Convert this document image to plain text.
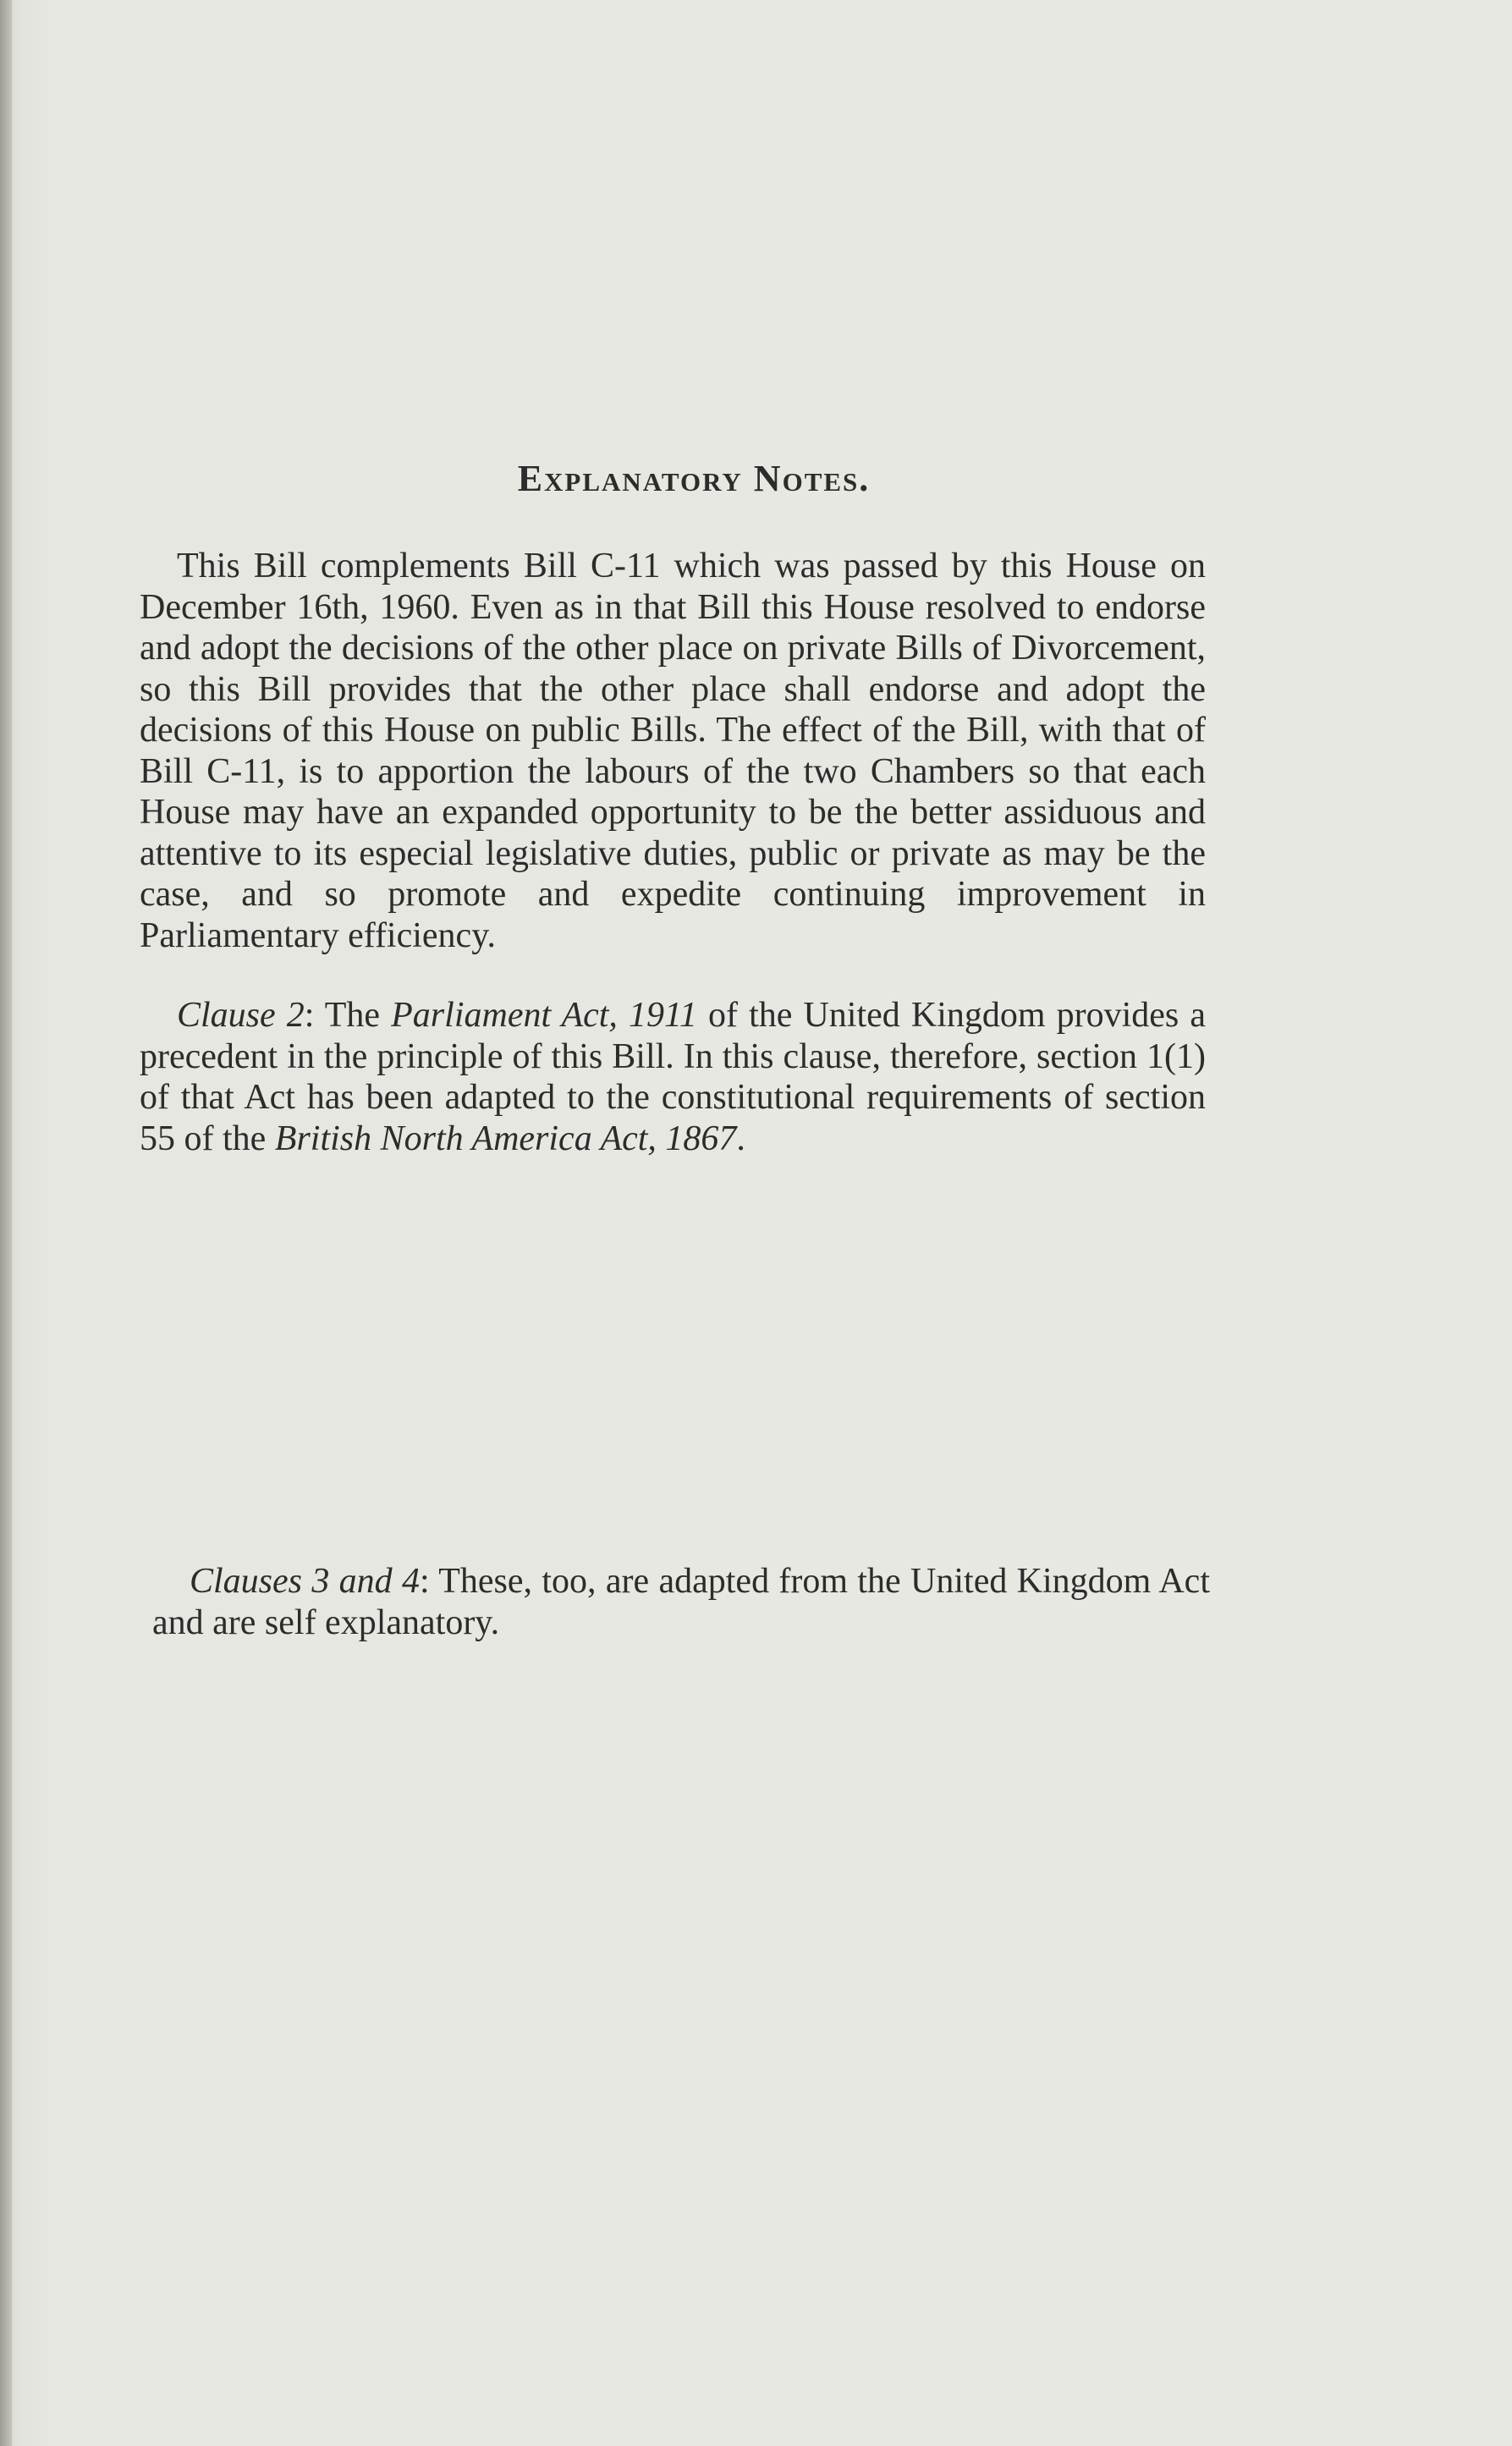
Explanatory Notes.

This Bill complements Bill C-11 which was passed by this House on December 16th, 1960. Even as in that Bill this House resolved to endorse and adopt the decisions of the other place on private Bills of Divorcement, so this Bill provides that the other place shall endorse and adopt the decisions of this House on public Bills. The effect of the Bill, with that of Bill C-11, is to apportion the labours of the two Chambers so that each House may have an expanded opportunity to be the better assiduous and attentive to its especial legislative duties, public or private as may be the case, and so promote and expedite continuing improvement in Parliamentary efficiency.

Clause 2: The Parliament Act, 1911 of the United Kingdom provides a precedent in the principle of this Bill. In this clause, therefore, section 1(1) of that Act has been adapted to the constitutional requirements of section 55 of the British North America Act, 1867.

Clauses 3 and 4: These, too, are adapted from the United Kingdom Act and are self explanatory.
